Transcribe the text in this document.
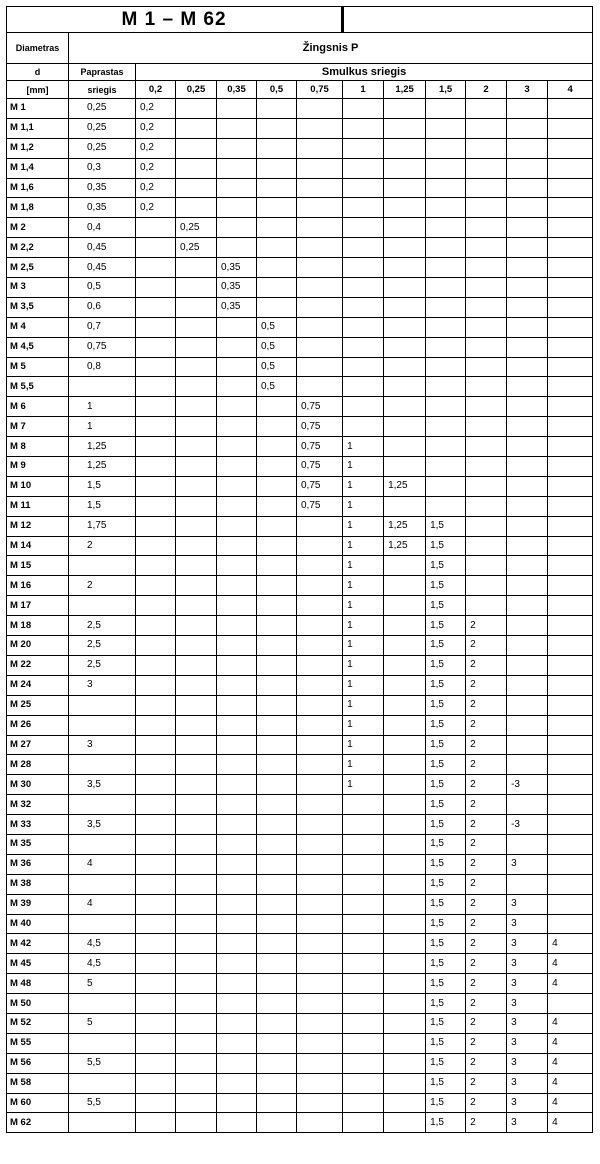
M 1 – M 62												
Diametras	Žingsnis P											
d	Paprastas	Smulkus sriegis										
[mm]	sriegis	0,2	0,25	0,35	0,5	0,75	1	1,25	1,5	2	3	4
M 1	0,25	0,2										
M 1,1	0,25	0,2										
M 1,2	0,25	0,2										
M 1,4	0,3	0,2										
M 1,6	0,35	0,2										
M 1,8	0,35	0,2										
M 2	0,4		0,25									
M 2,2	0,45		0,25									
M 2,5	0,45			0,35								
M 3	0,5			0,35								
M 3,5	0,6			0,35								
M 4	0,7				0,5							
M 4,5	0,75				0,5							
M 5	0,8				0,5							
M 5,5					0,5							
M 6	1					0,75						
M 7	1					0,75						
M 8	1,25					0,75	1					
M 9	1,25					0,75	1					
M 10	1,5					0,75	1	1,25				
M 11	1,5					0,75	1					
M 12	1,75						1	1,25	1,5			
M 14	2						1	1,25	1,5			
M 15							1		1,5			
M 16	2						1		1,5			
M 17							1		1,5			
M 18	2,5						1		1,5	2		
M 20	2,5						1		1,5	2		
M 22	2,5						1		1,5	2		
M 24	3						1		1,5	2		
M 25							1		1,5	2		
M 26							1		1,5	2		
M 27	3						1		1,5	2		
M 28							1		1,5	2		
M 30	3,5						1		1,5	2	-3	
M 32									1,5	2		
M 33	3,5								1,5	2	-3	
M 35									1,5	2		
M 36	4								1,5	2	3	
M 38									1,5	2		
M 39	4								1,5	2	3	
M 40									1,5	2	3	
M 42	4,5								1,5	2	3	4
M 45	4,5								1,5	2	3	4
M 48	5								1,5	2	3	4
M 50									1,5	2	3	
M 52	5								1,5	2	3	4
M 55									1,5	2	3	4
M 56	5,5								1,5	2	3	4
M 58									1,5	2	3	4
M 60	5,5								1,5	2	3	4
M 62									1,5	2	3	4
